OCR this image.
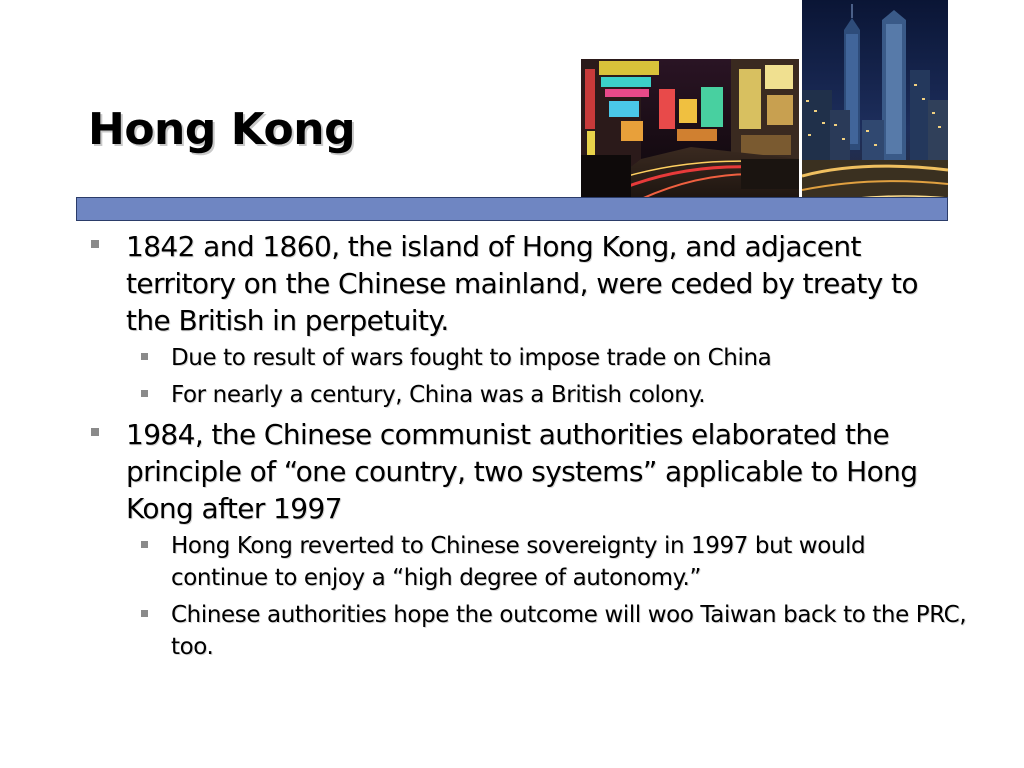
Hong Kong
1842 and 1860, the island of Hong Kong, and adjacent territory on the Chinese mainland, were ceded by treaty to the British in perpetuity.
Due to result of wars fought to impose trade on China
For nearly a century, China was a British colony.
1984, the Chinese communist authorities elaborated the principle of “one country, two systems” applicable to Hong Kong after 1997
Hong Kong reverted to Chinese sovereignty in 1997 but would continue to enjoy a “high degree of autonomy.”
Chinese authorities hope the outcome will woo Taiwan back to the PRC, too.
